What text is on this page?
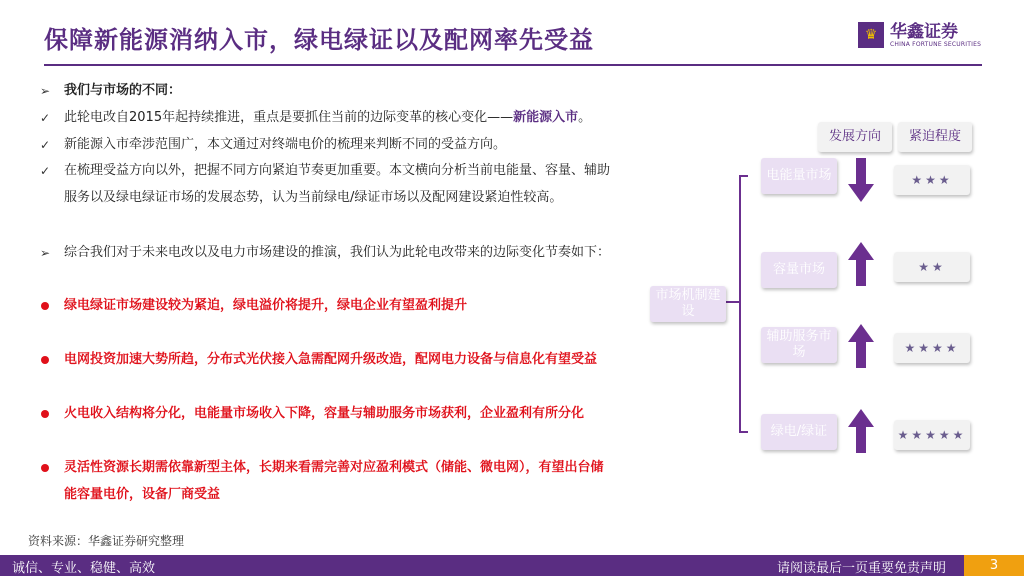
保障新能源消纳入市，绿电绿证以及配网率先受益	♛ 华鑫证券
CHINA FORTUNE SECURITIES
➢ 我们与市场的不同：
✓ 此轮电改自2015年起持续推进，重点是要抓住当前的边际变革的核心变化——新能源入市。
✓ 新能源入市牵涉范围广，本文通过对终端电价的梳理来判断不同的受益方向。
✓ 在梳理受益方向以外，把握不同方向紧迫节奏更加重要。本文横向分析当前电能量、容量、辅助
服务以及绿电绿证市场的发展态势，认为当前绿电/绿证市场以及配网建设紧迫性较高。
➢ 综合我们对于未来电改以及电力市场建设的推演，我们认为此轮电改带来的边际变化节奏如下：
绿电绿证市场建设较为紧迫，绿电溢价将提升，绿电企业有望盈利提升
电网投资加速大势所趋，分布式光伏接入急需配网升级改造，配网电力设备与信息化有望受益
火电收入结构将分化，电能量市场收入下降，容量与辅助服务市场获利，企业盈利有所分化
灵活性资源长期需依靠新型主体，长期来看需完善对应盈利模式（储能、微电网），有望出台储
能容量电价，设备厂商受益
发展方向	紧迫程度
市场机制建设
电能量市场
容量市场
辅助服务市场
绿电/绿证
★★★
★★
★★★★
★★★★★
资料来源：华鑫证券研究整理
诚信、专业、稳健、高效	请阅读最后一页重要免责声明	3
